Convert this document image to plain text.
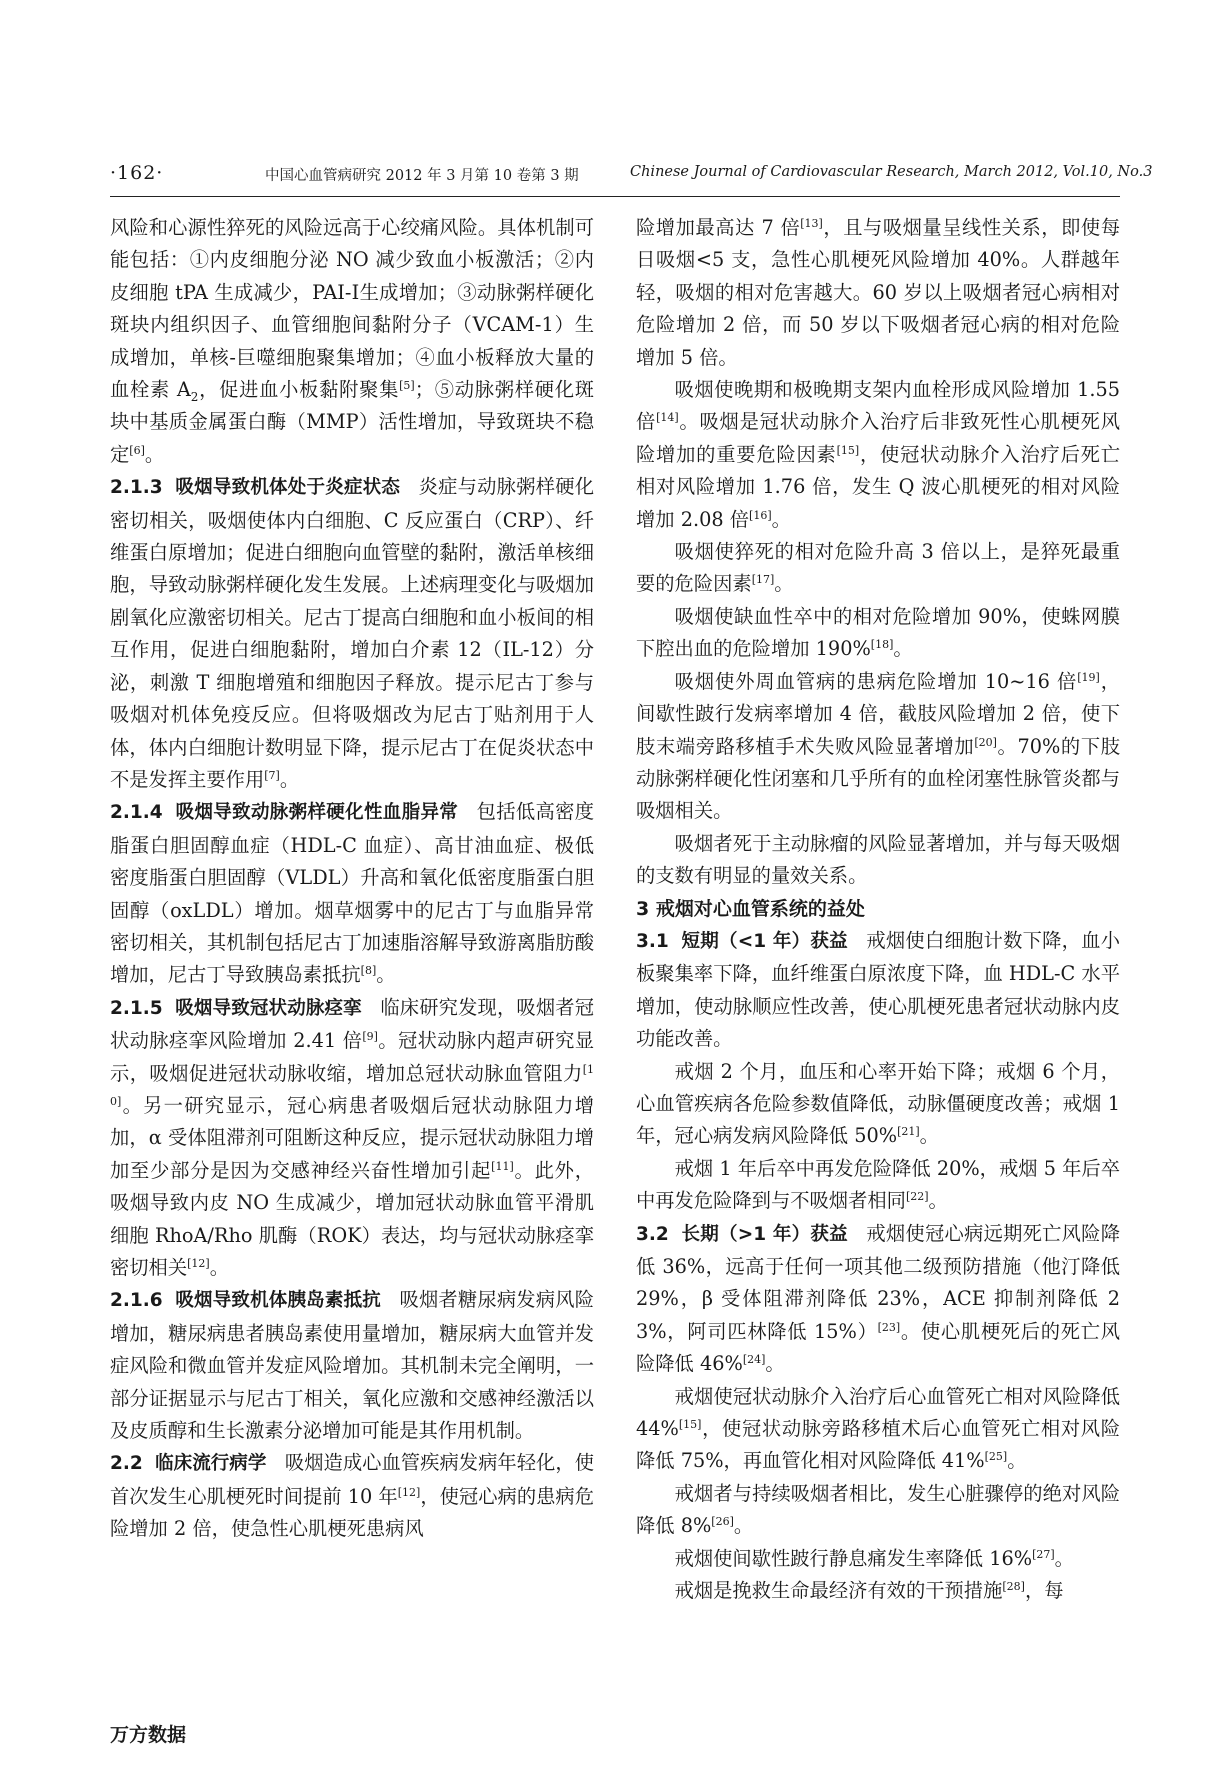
·162·	中国心血管病研究 2012 年 3 月第 10 卷第 3 期	Chinese Journal of Cardiovascular Research, March 2012, Vol.10, No.3

风险和心源性猝死的风险远高于心绞痛风险。具体机制可能包括：①内皮细胞分泌 NO 减少致血小板激活；②内皮细胞 tPA 生成减少，PAI-Ⅰ生成增加；③动脉粥样硬化斑块内组织因子、血管细胞间黏附分子（VCAM-1）生成增加，单核-巨噬细胞聚集增加；④血小板释放大量的血栓素 $A_2$，促进血小板黏附聚集[5]；⑤动脉粥样硬化斑块中基质金属蛋白酶（MMP）活性增加，导致斑块不稳定[6]。

2.1.3 吸烟导致机体处于炎症状态 炎症与动脉粥样硬化密切相关，吸烟使体内白细胞、C 反应蛋白（CRP）、纤维蛋白原增加；促进白细胞向血管壁的黏附，激活单核细胞，导致动脉粥样硬化发生发展。上述病理变化与吸烟加剧氧化应激密切相关。尼古丁提高白细胞和血小板间的相互作用，促进白细胞黏附，增加白介素 12（IL-12）分泌，刺激 T 细胞增殖和细胞因子释放。提示尼古丁参与吸烟对机体免疫反应。但将吸烟改为尼古丁贴剂用于人体，体内白细胞计数明显下降，提示尼古丁在促炎状态中不是发挥主要作用[7]。

2.1.4 吸烟导致动脉粥样硬化性血脂异常 包括低高密度脂蛋白胆固醇血症（HDL-C 血症）、高甘油血症、极低密度脂蛋白胆固醇（VLDL）升高和氧化低密度脂蛋白胆固醇（oxLDL）增加。烟草烟雾中的尼古丁与血脂异常密切相关，其机制包括尼古丁加速脂溶解导致游离脂肪酸增加，尼古丁导致胰岛素抵抗[8]。

2.1.5 吸烟导致冠状动脉痉挛 临床研究发现，吸烟者冠状动脉痉挛风险增加 2.41 倍[9]。冠状动脉内超声研究显示，吸烟促进冠状动脉收缩，增加总冠状动脉血管阻力[10]。另一研究显示，冠心病患者吸烟后冠状动脉阻力增加，α 受体阻滞剂可阻断这种反应，提示冠状动脉阻力增加至少部分是因为交感神经兴奋性增加引起[11]。此外，吸烟导致内皮 NO 生成减少，增加冠状动脉血管平滑肌细胞 RhoA/Rho 肌酶（ROK）表达，均与冠状动脉痉挛密切相关[12]。

2.1.6 吸烟导致机体胰岛素抵抗 吸烟者糖尿病发病风险增加，糖尿病患者胰岛素使用量增加，糖尿病大血管并发症风险和微血管并发症风险增加。其机制未完全阐明，一部分证据显示与尼古丁相关，氧化应激和交感神经激活以及皮质醇和生长激素分泌增加可能是其作用机制。

2.2 临床流行病学 吸烟造成心血管疾病发病年轻化，使首次发生心肌梗死时间提前 10 年[12]，使冠心病的患病危险增加 2 倍，使急性心肌梗死患病风

险增加最高达 7 倍[13]，且与吸烟量呈线性关系，即使每日吸烟<5 支，急性心肌梗死风险增加 40%。人群越年轻，吸烟的相对危害越大。60 岁以上吸烟者冠心病相对危险增加 2 倍，而 50 岁以下吸烟者冠心病的相对危险增加 5 倍。

吸烟使晚期和极晚期支架内血栓形成风险增加 1.55 倍[14]。吸烟是冠状动脉介入治疗后非致死性心肌梗死风险增加的重要危险因素[15]，使冠状动脉介入治疗后死亡相对风险增加 1.76 倍，发生 Q 波心肌梗死的相对风险增加 2.08 倍[16]。

吸烟使猝死的相对危险升高 3 倍以上，是猝死最重要的危险因素[17]。

吸烟使缺血性卒中的相对危险增加 90%，使蛛网膜下腔出血的危险增加 190%[18]。

吸烟使外周血管病的患病危险增加 10~16 倍[19]，间歇性跛行发病率增加 4 倍，截肢风险增加 2 倍，使下肢末端旁路移植手术失败风险显著增加[20]。70%的下肢动脉粥样硬化性闭塞和几乎所有的血栓闭塞性脉管炎都与吸烟相关。

吸烟者死于主动脉瘤的风险显著增加，并与每天吸烟的支数有明显的量效关系。

3 戒烟对心血管系统的益处

3.1 短期（<1 年）获益 戒烟使白细胞计数下降，血小板聚集率下降，血纤维蛋白原浓度下降，血 HDL-C 水平增加，使动脉顺应性改善，使心肌梗死患者冠状动脉内皮功能改善。

戒烟 2 个月，血压和心率开始下降；戒烟 6 个月，心血管疾病各危险参数值降低，动脉僵硬度改善；戒烟 1 年，冠心病发病风险降低 50%[21]。

戒烟 1 年后卒中再发危险降低 20%，戒烟 5 年后卒中再发危险降到与不吸烟者相同[22]。

3.2 长期（>1 年）获益 戒烟使冠心病远期死亡风险降低 36%，远高于任何一项其他二级预防措施（他汀降低 29%，β 受体阻滞剂降低 23%，ACE 抑制剂降低 23%，阿司匹林降低 15%）[23]。使心肌梗死后的死亡风险降低 46%[24]。

戒烟使冠状动脉介入治疗后心血管死亡相对风险降低 44%[15]，使冠状动脉旁路移植术后心血管死亡相对风险降低 75%，再血管化相对风险降低 41%[25]。

戒烟者与持续吸烟者相比，发生心脏骤停的绝对风险降低 8%[26]。

戒烟使间歇性跛行静息痛发生率降低 16%[27]。

戒烟是挽救生命最经济有效的干预措施[28]，每

万方数据
